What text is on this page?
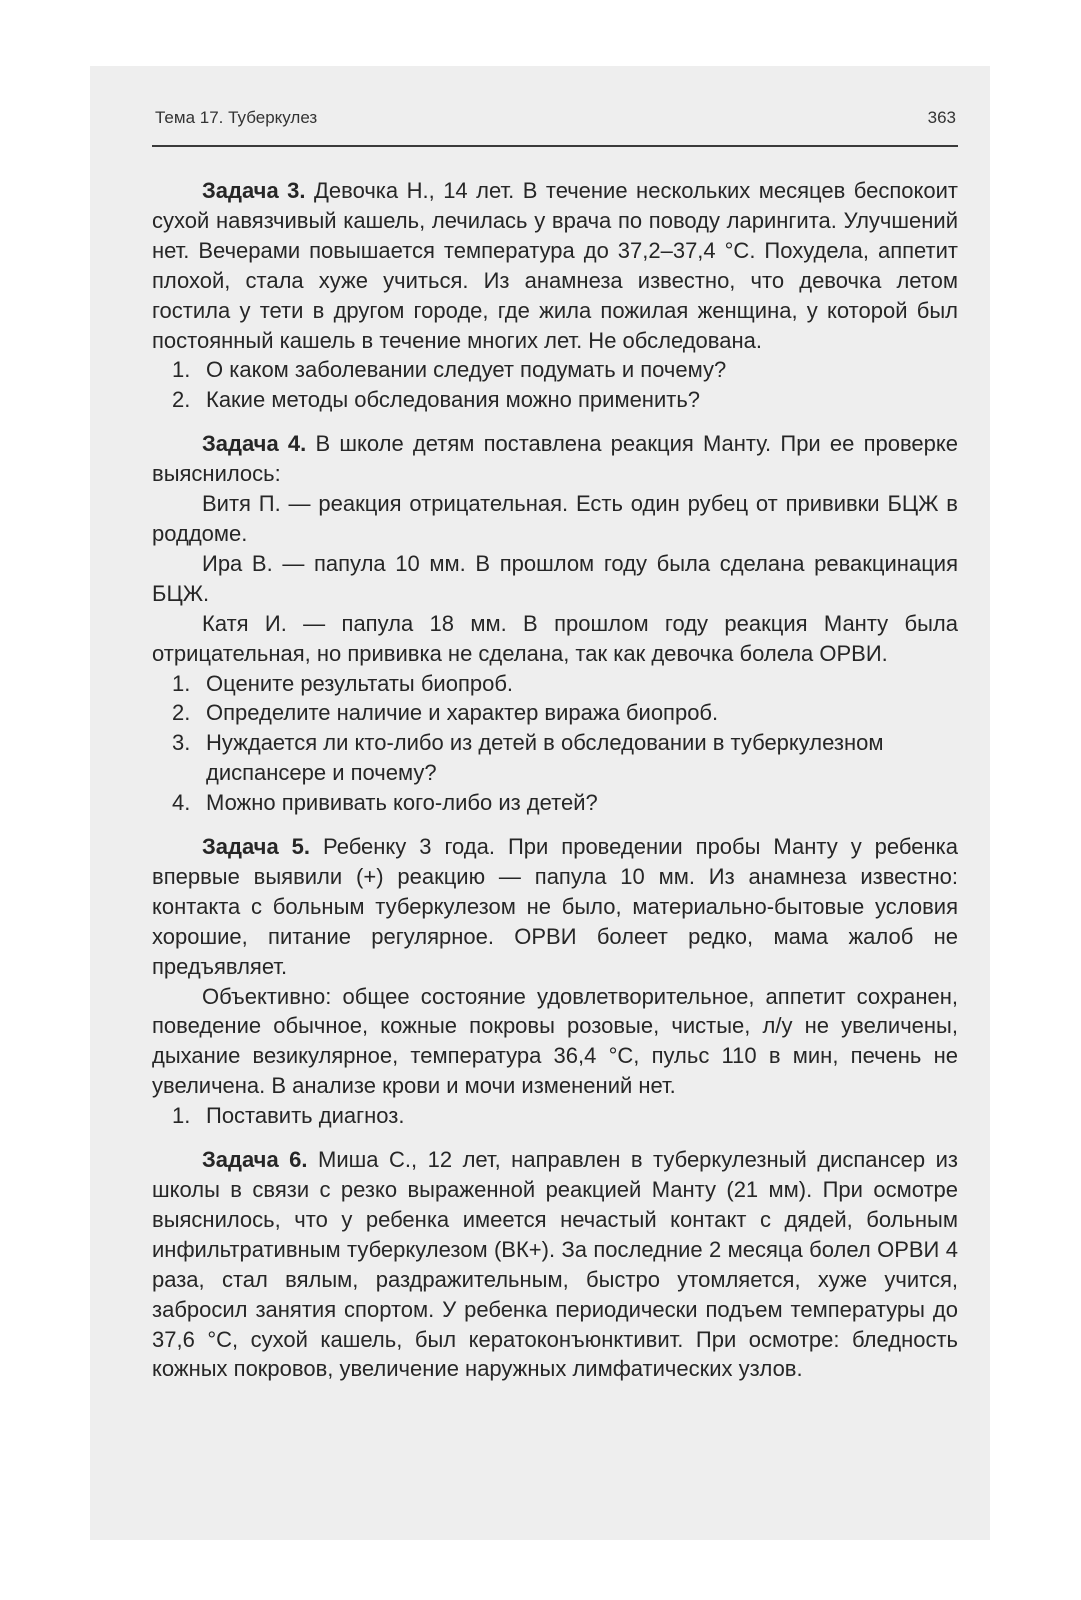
Тема 17. Туберкулез	363

Задача 3. Девочка Н., 14 лет. В течение нескольких месяцев беспокоит сухой навязчивый кашель, лечилась у врача по поводу ларингита. Улучшений нет. Вечерами повышается температура до 37,2–37,4 °C. Похудела, аппетит плохой, стала хуже учиться. Из анамнеза известно, что девочка летом гостила у тети в другом городе, где жила пожилая женщина, у которой был постоянный кашель в течение многих лет. Не обследована.

1. О каком заболевании следует подумать и почему?
2. Какие методы обследования можно применить?

Задача 4. В школе детям поставлена реакция Манту. При ее проверке выяснилось:

Витя П. — реакция отрицательная. Есть один рубец от прививки БЦЖ в роддоме.

Ира В. — папула 10 мм. В прошлом году была сделана ревакцинация БЦЖ.

Катя И. — папула 18 мм. В прошлом году реакция Манту была отрицательная, но прививка не сделана, так как девочка болела ОРВИ.

1. Оцените результаты биопроб.
2. Определите наличие и характер виража биопроб.
3. Нуждается ли кто-либо из детей в обследовании в туберкулезном диспансере и почему?
4. Можно прививать кого-либо из детей?

Задача 5. Ребенку 3 года. При проведении пробы Манту у ребенка впервые выявили (+) реакцию — папула 10 мм. Из анамнеза известно: контакта с больным туберкулезом не было, материально-бытовые условия хорошие, питание регулярное. ОРВИ болеет редко, мама жалоб не предъявляет.

Объективно: общее состояние удовлетворительное, аппетит сохранен, поведение обычное, кожные покровы розовые, чистые, л/у не увеличены, дыхание везикулярное, температура 36,4 °C, пульс 110 в мин, печень не увеличена. В анализе крови и мочи изменений нет.

1. Поставить диагноз.

Задача 6. Миша С., 12 лет, направлен в туберкулезный диспансер из школы в связи с резко выраженной реакцией Манту (21 мм). При осмотре выяснилось, что у ребенка имеется нечастый контакт с дядей, больным инфильтративным туберкулезом (ВК+). За последние 2 месяца болел ОРВИ 4 раза, стал вялым, раздражительным, быстро утомляется, хуже учится, забросил занятия спортом. У ребенка периодически подъем температуры до 37,6 °C, сухой кашель, был кератоконъюнктивит. При осмотре: бледность кожных покровов, увеличение наружных лимфатических узлов.
